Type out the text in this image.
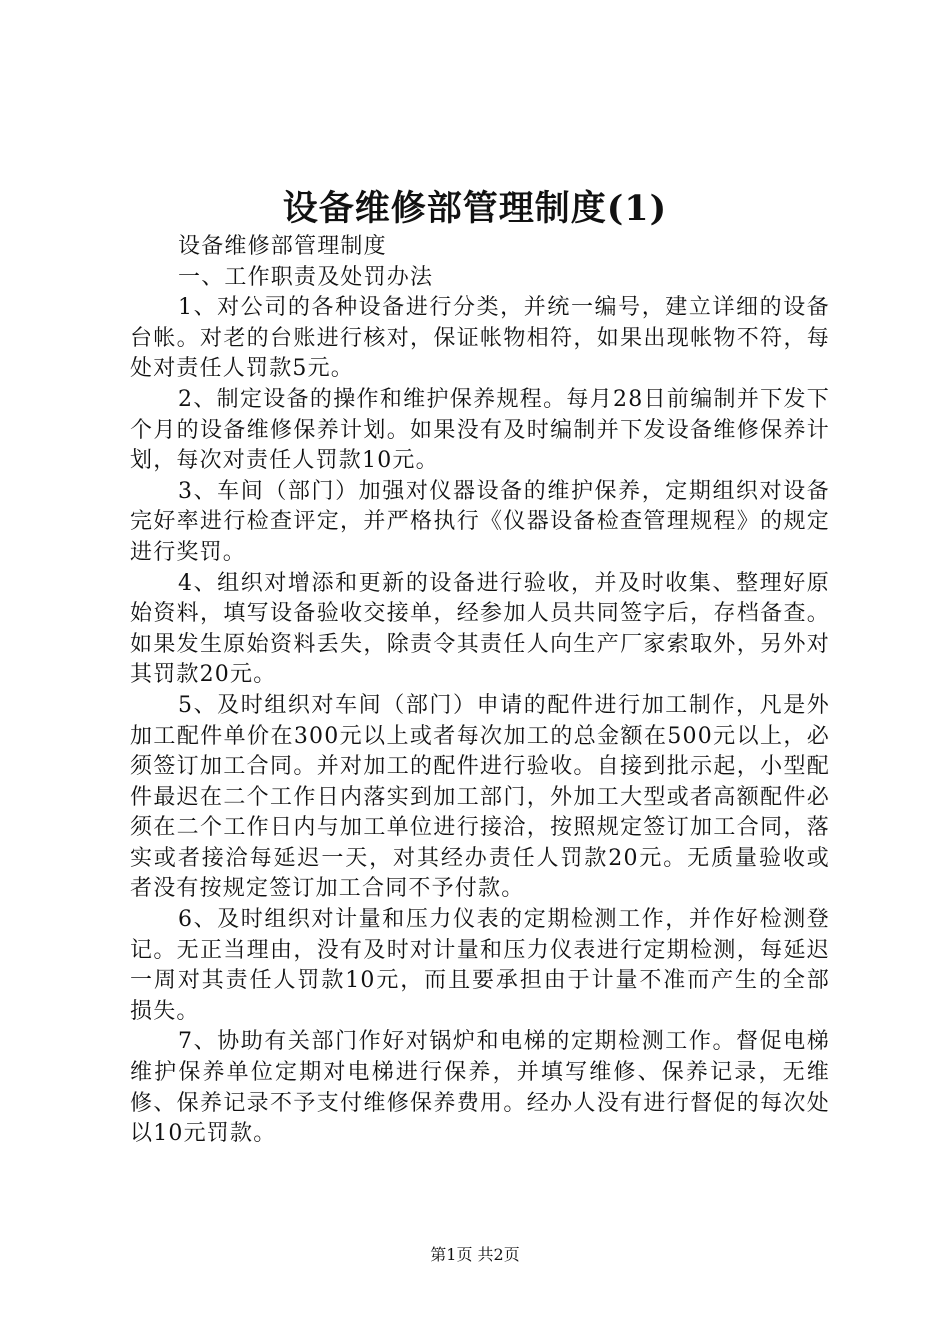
设备维修部管理制度(1)

设备维修部管理制度

一、工作职责及处罚办法

1、对公司的各种设备进行分类，并统一编号，建立详细的设备台帐。对老的台账进行核对，保证帐物相符，如果出现帐物不符，每处对责任人罚款5元。

2、制定设备的操作和维护保养规程。每月28日前编制并下发下个月的设备维修保养计划。如果没有及时编制并下发设备维修保养计划，每次对责任人罚款10元。

3、车间（部门）加强对仪器设备的维护保养，定期组织对设备完好率进行检查评定，并严格执行《仪器设备检查管理规程》的规定进行奖罚。

4、组织对增添和更新的设备进行验收，并及时收集、整理好原始资料，填写设备验收交接单，经参加人员共同签字后，存档备查。如果发生原始资料丢失，除责令其责任人向生产厂家索取外，另外对其罚款20元。

5、及时组织对车间（部门）申请的配件进行加工制作，凡是外加工配件单价在300元以上或者每次加工的总金额在500元以上，必须签订加工合同。并对加工的配件进行验收。自接到批示起，小型配件最迟在二个工作日内落实到加工部门，外加工大型或者高额配件必须在二个工作日内与加工单位进行接洽，按照规定签订加工合同，落实或者接洽每延迟一天，对其经办责任人罚款20元。无质量验收或者没有按规定签订加工合同不予付款。

6、及时组织对计量和压力仪表的定期检测工作，并作好检测登记。无正当理由，没有及时对计量和压力仪表进行定期检测，每延迟一周对其责任人罚款10元，而且要承担由于计量不准而产生的全部损失。

7、协助有关部门作好对锅炉和电梯的定期检测工作。督促电梯维护保养单位定期对电梯进行保养，并填写维修、保养记录，无维修、保养记录不予支付维修保养费用。经办人没有进行督促的每次处以10元罚款。

第1页 共2页
